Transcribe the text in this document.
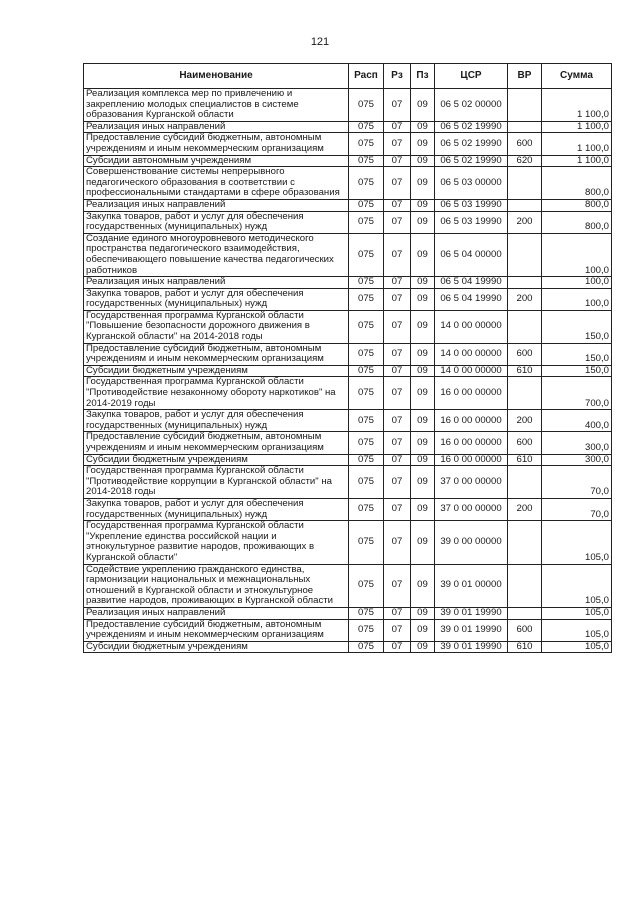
121
Наименование	Расп	Рз	Пз	ЦСР	ВР	Сумма
Реализация комплекса мер по привлечению и закреплению молодых специалистов в системе образования Курганской области	075	07	09	06 5 02 00000		1 100,0
Реализация иных направлений	075	07	09	06 5 02 19990		1 100,0
Предоставление субсидий бюджетным, автономным учреждениям и иным некоммерческим организациям	075	07	09	06 5 02 19990	600	1 100,0
Субсидии автономным учреждениям	075	07	09	06 5 02 19990	620	1 100,0
Совершенствование системы непрерывного педагогического образования в соответствии с профессиональными стандартами в сфере образования	075	07	09	06 5 03 00000		800,0
Реализация иных направлений	075	07	09	06 5 03 19990		800,0
Закупка товаров, работ и услуг для обеспечения государственных (муниципальных) нужд	075	07	09	06 5 03 19990	200	800,0
Создание единого многоуровневого методического пространства педагогического взаимодействия, обеспечивающего повышение качества педагогических работников	075	07	09	06 5 04 00000		100,0
Реализация иных направлений	075	07	09	06 5 04 19990		100,0
Закупка товаров, работ и услуг для обеспечения государственных (муниципальных) нужд	075	07	09	06 5 04 19990	200	100,0
Государственная программа Курганской области "Повышение безопасности дорожного движения в Курганской области" на 2014-2018 годы	075	07	09	14 0 00 00000		150,0
Предоставление субсидий бюджетным, автономным учреждениям и иным некоммерческим организациям	075	07	09	14 0 00 00000	600	150,0
Субсидии бюджетным учреждениям	075	07	09	14 0 00 00000	610	150,0
Государственная программа Курганской области "Противодействие незаконному обороту наркотиков" на 2014-2019 годы	075	07	09	16 0 00 00000		700,0
Закупка товаров, работ и услуг для обеспечения государственных (муниципальных) нужд	075	07	09	16 0 00 00000	200	400,0
Предоставление субсидий бюджетным, автономным учреждениям и иным некоммерческим организациям	075	07	09	16 0 00 00000	600	300,0
Субсидии бюджетным учреждениям	075	07	09	16 0 00 00000	610	300,0
Государственная программа Курганской области "Противодействие коррупции в Курганской области" на 2014-2018 годы	075	07	09	37 0 00 00000		70,0
Закупка товаров, работ и услуг для обеспечения государственных (муниципальных) нужд	075	07	09	37 0 00 00000	200	70,0
Государственная программа Курганской области "Укрепление единства российской нации и этнокультурное развитие народов, проживающих в Курганской области"	075	07	09	39 0 00 00000		105,0
Содействие укреплению гражданского единства, гармонизации национальных и межнациональных отношений в Курганской области и этнокультурное развитие народов, проживающих в Курганской области	075	07	09	39 0 01 00000		105,0
Реализация иных направлений	075	07	09	39 0 01 19990		105,0
Предоставление субсидий бюджетным, автономным учреждениям и иным некоммерческим организациям	075	07	09	39 0 01 19990	600	105,0
Субсидии бюджетным учреждениям	075	07	09	39 0 01 19990	610	105,0
